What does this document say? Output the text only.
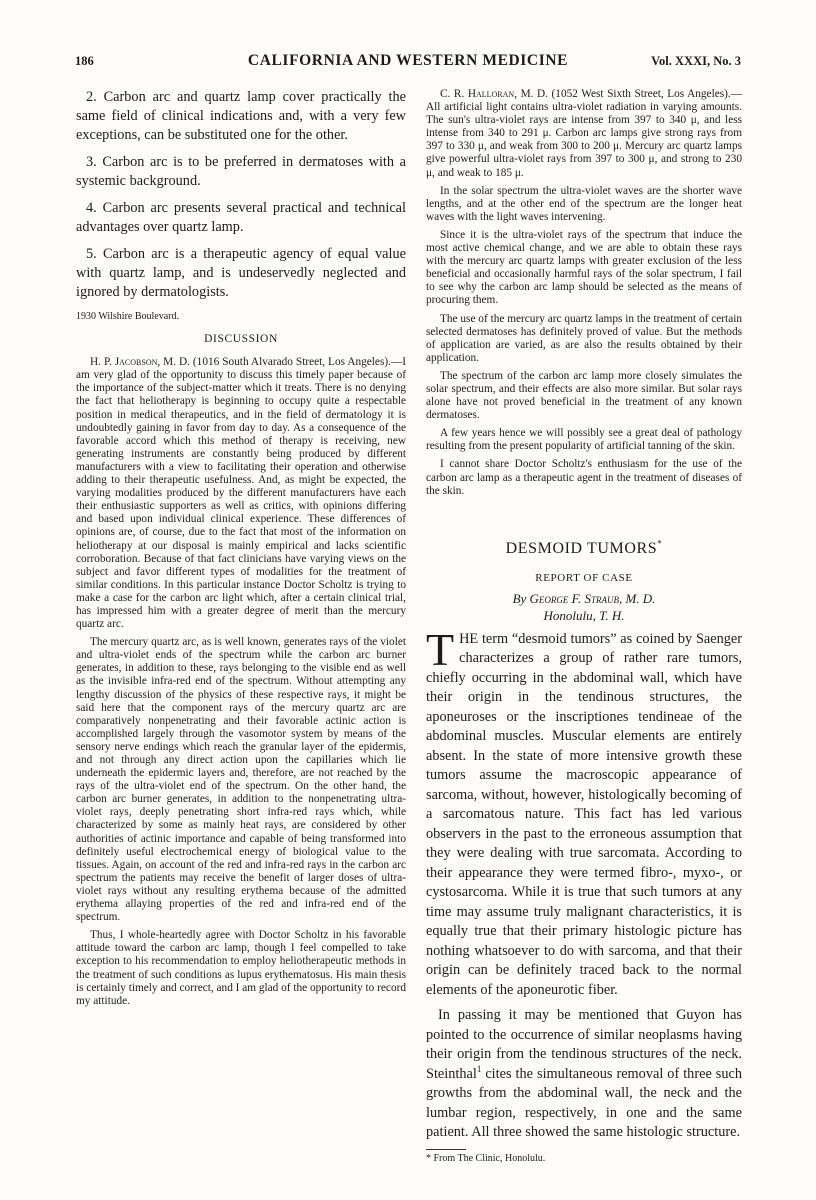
186	CALIFORNIA AND WESTERN MEDICINE	Vol. XXXI, No. 3

2. Carbon arc and quartz lamp cover practically the same field of clinical indications and, with a very few exceptions, can be substituted one for the other.

3. Carbon arc is to be preferred in dermatoses with a systemic background.

4. Carbon arc presents several practical and technical advantages over quartz lamp.

5. Carbon arc is a therapeutic agency of equal value with quartz lamp, and is undeservedly neglected and ignored by dermatologists.

1930 Wilshire Boulevard.

DISCUSSION

H. P. Jacobson, M. D. (1016 South Alvarado Street, Los Angeles).—I am very glad of the opportunity to discuss this timely paper because of the importance of the subject-matter which it treats. There is no denying the fact that heliotherapy is beginning to occupy quite a respectable position in medical therapeutics, and in the field of dermatology it is undoubtedly gaining in favor from day to day. As a consequence of the favorable accord which this method of therapy is receiving, new generating instruments are constantly being produced by different manufacturers with a view to facilitating their operation and otherwise adding to their therapeutic usefulness. And, as might be expected, the varying modalities produced by the different manufacturers have each their enthusiastic supporters as well as critics, with opinions differing and based upon individual clinical experience. These differences of opinions are, of course, due to the fact that most of the information on heliotherapy at our disposal is mainly empirical and lacks scientific corroboration. Because of that fact clinicians have varying views on the subject and favor different types of modalities for the treatment of similar conditions. In this particular instance Doctor Scholtz is trying to make a case for the carbon arc light which, after a certain clinical trial, has impressed him with a greater degree of merit than the mercury quartz arc.

The mercury quartz arc, as is well known, generates rays of the violet and ultra-violet ends of the spectrum while the carbon arc burner generates, in addition to these, rays belonging to the visible end as well as the invisible infra-red end of the spectrum. Without attempting any lengthy discussion of the physics of these respective rays, it might be said here that the component rays of the mercury quartz arc are comparatively nonpenetrating and their favorable actinic action is accomplished largely through the vasomotor system by means of the sensory nerve endings which reach the granular layer of the epidermis, and not through any direct action upon the capillaries which lie underneath the epidermic layers and, therefore, are not reached by the rays of the ultra-violet end of the spectrum. On the other hand, the carbon arc burner generates, in addition to the nonpenetrating ultra-violet rays, deeply penetrating short infra-red rays which, while characterized by some as mainly heat rays, are considered by other authorities of actinic importance and capable of being transformed into definitely useful electrochemical energy of biological value to the tissues. Again, on account of the red and infra-red rays in the carbon arc spectrum the patients may receive the benefit of larger doses of ultra-violet rays without any resulting erythema because of the admitted erythema allaying properties of the red and infra-red end of the spectrum.

Thus, I whole-heartedly agree with Doctor Scholtz in his favorable attitude toward the carbon arc lamp, though I feel compelled to take exception to his recommendation to employ heliotherapeutic methods in the treatment of such conditions as lupus erythematosus. His main thesis is certainly timely and correct, and I am glad of the opportunity to record my attitude.

C. R. Halloran, M. D. (1052 West Sixth Street, Los Angeles).—All artificial light contains ultra-violet radiation in varying amounts. The sun's ultra-violet rays are intense from 397 to 340 μ, and less intense from 340 to 291 μ. Carbon arc lamps give strong rays from 397 to 330 μ, and weak from 300 to 200 μ. Mercury arc quartz lamps give powerful ultra-violet rays from 397 to 300 μ, and strong to 230 μ, and weak to 185 μ.

In the solar spectrum the ultra-violet waves are the shorter wave lengths, and at the other end of the spectrum are the longer heat waves with the light waves intervening.

Since it is the ultra-violet rays of the spectrum that induce the most active chemical change, and we are able to obtain these rays with the mercury arc quartz lamps with greater exclusion of the less beneficial and occasionally harmful rays of the solar spectrum, I fail to see why the carbon arc lamp should be selected as the means of procuring them.

The use of the mercury arc quartz lamps in the treatment of certain selected dermatoses has definitely proved of value. But the methods of application are varied, as are also the results obtained by their application.

The spectrum of the carbon arc lamp more closely simulates the solar spectrum, and their effects are also more similar. But solar rays alone have not proved beneficial in the treatment of any known dermatoses.

A few years hence we will possibly see a great deal of pathology resulting from the present popularity of artificial tanning of the skin.

I cannot share Doctor Scholtz's enthusiasm for the use of the carbon arc lamp as a therapeutic agent in the treatment of diseases of the skin.

DESMOID TUMORS*
REPORT OF CASE
By George F. Straub, M. D.
Honolulu, T. H.

THE term “desmoid tumors” as coined by Saenger characterizes a group of rather rare tumors, chiefly occurring in the abdominal wall, which have their origin in the tendinous structures, the aponeuroses or the inscriptiones tendineae of the abdominal muscles. Muscular elements are entirely absent. In the state of more intensive growth these tumors assume the macroscopic appearance of sarcoma, without, however, histologically becoming of a sarcomatous nature. This fact has led various observers in the past to the erroneous assumption that they were dealing with true sarcomata. According to their appearance they were termed fibro-, myxo-, or cystosarcoma. While it is true that such tumors at any time may assume truly malignant characteristics, it is equally true that their primary histologic picture has nothing whatsoever to do with sarcoma, and that their origin can be definitely traced back to the normal elements of the aponeurotic fiber.

In passing it may be mentioned that Guyon has pointed to the occurrence of similar neoplasms having their origin from the tendinous structures of the neck. Steinthal$^1$ cites the simultaneous removal of three such growths from the abdominal wall, the neck and the lumbar region, respectively, in one and the same patient. All three showed the same histologic structure.

* From The Clinic, Honolulu.
